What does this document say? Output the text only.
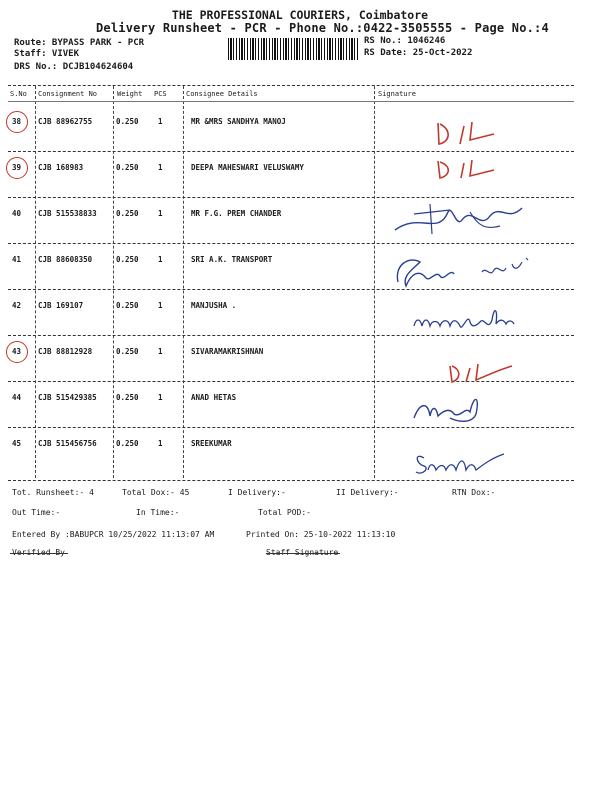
THE PROFESSIONAL COURIERS, Coimbatore
Delivery Runsheet - PCR - Phone No.:0422-3505555 - Page No.:4
Route: BYPASS PARK - PCR
Staff: VIVEK
DRS No.: DCJB104624604
RS No.: 1046246
RS Date: 25-Oct-2022
S.No Consignment No	Weight PCS	Consignee Details	Signature
38 CJB 88962755	0.250	1	MR &MRS SANDHYA MANOJ
39 CJB 168983	0.250	1	DEEPA MAHESWARI VELUSWAMY
40 CJB 515538833	0.250	1	MR F.G. PREM CHANDER
41 CJB 88608350	0.250	1	SRI A.K. TRANSPORT
42 CJB 169107	0.250	1	MANJUSHA .
43 CJB 88812928	0.250	1	SIVARAMAKRISHNAN
44 CJB 515429385	0.250	1	ANAD HETAS
45 CJB 515456756	0.250	1	SREEKUMAR
Tot. Runsheet:- 4	Total Dox:- 45	I Delivery:-	II Delivery:-	RTN Dox:-
Out Time:-	In Time:-	Total POD:-
Entered By :BABUPCR 10/25/2022 11:13:07 AM	Printed On: 25-10-2022 11:13:10
Verified By	Staff Signature
